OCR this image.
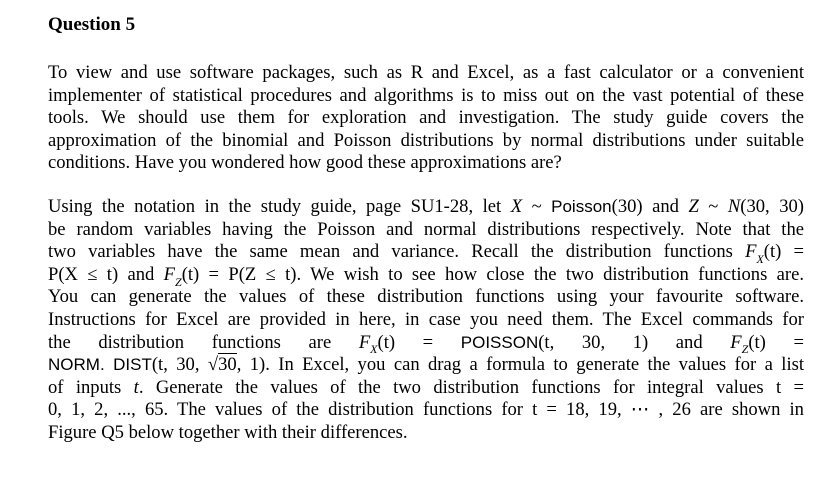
Question 5
To view and use software packages, such as R and Excel, as a fast calculator or a convenient
implementer of statistical procedures and algorithms is to miss out on the vast potential of these
tools. We should use them for exploration and investigation. The study guide covers the
approximation of the binomial and Poisson distributions by normal distributions under suitable
conditions. Have you wondered how good these approximations are?
Using the notation in the study guide, page SU1-28, let X ~ Poisson(30) and Z ~ N(30, 30)
be random variables having the Poisson and normal distributions respectively. Note that the
two variables have the same mean and variance. Recall the distribution functions $F_X(t)$ =
P(X ≤ t) and $F_Z(t) = P(Z \le t)$. We wish to see how close the two distribution functions are.
You can generate the values of these distribution functions using your favourite software.
Instructions for Excel are provided in here, in case you need them. The Excel commands for
the distribution functions are $F_X(t)$ = POISSON(t, 30, 1) and $F_Z(t)$ =
NORM. DIST(t, 30, √30, 1). In Excel, you can drag a formula to generate the values for a list
of inputs t. Generate the values of the two distribution functions for integral values t =
0, 1, 2, ..., 65. The values of the distribution functions for t = 18, 19, ⋯ , 26 are shown in
Figure Q5 below together with their differences.
